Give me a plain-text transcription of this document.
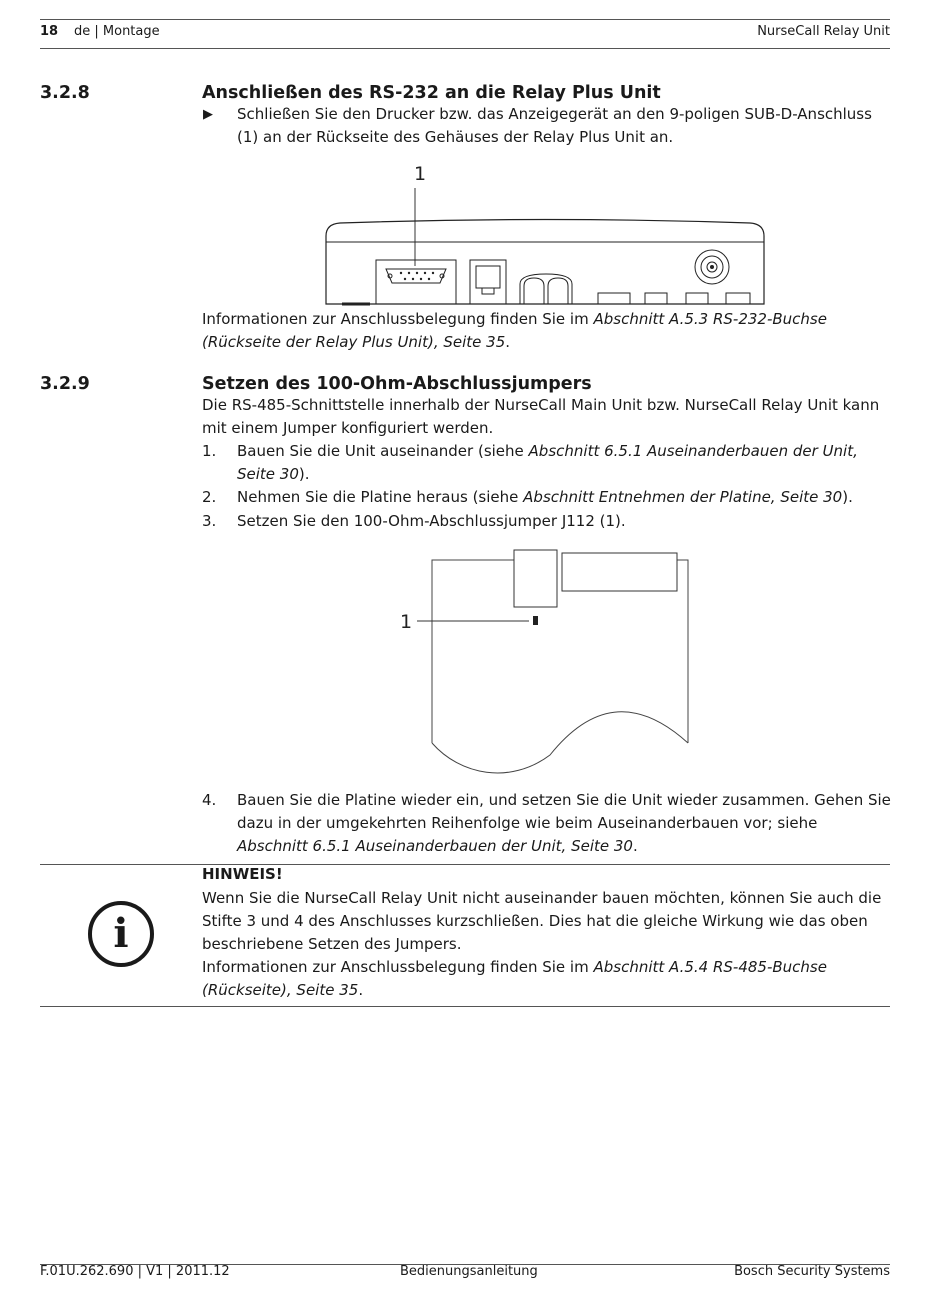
18 de | Montage	NurseCall Relay Unit
3.2.8	Anschließen des RS-232 an die Relay Plus Unit
▶ Schließen Sie den Drucker bzw. das Anzeigegerät an den 9-poligen SUB-D-Anschluss (1) an der Rückseite des Gehäuses der Relay Plus Unit an.
1
Informationen zur Anschlussbelegung finden Sie im Abschnitt A.5.3 RS-232-Buchse (Rückseite der Relay Plus Unit), Seite 35.
3.2.9	Setzen des 100-Ohm-Abschlussjumpers
Die RS-485-Schnittstelle innerhalb der NurseCall Main Unit bzw. NurseCall Relay Unit kann mit einem Jumper konfiguriert werden.
1. Bauen Sie die Unit auseinander (siehe Abschnitt 6.5.1 Auseinanderbauen der Unit, Seite 30).
2. Nehmen Sie die Platine heraus (siehe Abschnitt Entnehmen der Platine, Seite 30).
3. Setzen Sie den 100-Ohm-Abschlussjumper J112 (1).
1
4. Bauen Sie die Platine wieder ein, und setzen Sie die Unit wieder zusammen. Gehen Sie dazu in der umgekehrten Reihenfolge wie beim Auseinanderbauen vor; siehe Abschnitt 6.5.1 Auseinanderbauen der Unit, Seite 30.
i
HINWEIS!
Wenn Sie die NurseCall Relay Unit nicht auseinander bauen möchten, können Sie auch die Stifte 3 und 4 des Anschlusses kurzschließen. Dies hat die gleiche Wirkung wie das oben beschriebene Setzen des Jumpers.
Informationen zur Anschlussbelegung finden Sie im Abschnitt A.5.4 RS-485-Buchse (Rückseite), Seite 35.
F.01U.262.690 | V1 | 2011.12	Bedienungsanleitung	Bosch Security Systems
